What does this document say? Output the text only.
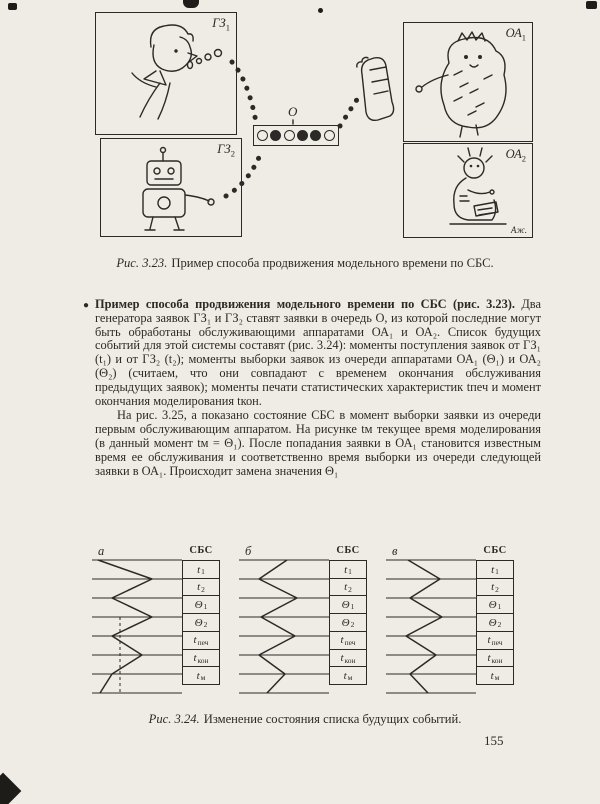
$ГЗ_1$
$ГЗ_2$
$ОА_1$
$ОА_2$
Аж.
О
Рис. 3.23. Пример способа продвижения модельного времени по СБС.
● Пример способа продвижения модельного времени по СБС (рис. 3.23). Два генератора заявок ГЗ₁ и ГЗ₂ ставят заявки в очередь О, из которой последние могут быть обработаны обслуживающими аппаратами ОА₁ и ОА₂. Список будущих событий для этой системы составят (рис. 3.24): моменты поступления заявок от ГЗ₁ (t₁) и от ГЗ₂ (t₂); моменты выборки заявок из очереди аппаратами ОА₁ (Θ₁) и ОА₂ (Θ₂) (считаем, что они совпадают с временем окончания обслуживания предыдущих заявок); моменты печати статистических характеристик tпеч и момент окончания моделирования tкон.

На рис. 3.25, а показано состояние СБС в момент выборки заявки из очереди первым обслуживающим аппаратом. На рисунке tм текущее время моделирования (в данный момент tм = Θ₁). После попадания заявки в ОА₁ становится известным время ее обслуживания и соответственно время выборки из очереди следующей заявки в ОА₁. Происходит замена значения Θ₁

а	СБС
t 1
t 2
Θ 1
Θ 2
t печ
t кон
t м
б	СБС
t 1
t 2
Θ 1
Θ 2
t печ
t кон
t м
в	СБС
t 1
t 2
Θ 1
Θ 2
t печ
t кон
t м
Рис. 3.24. Изменение состояния списка будущих событий.
155
